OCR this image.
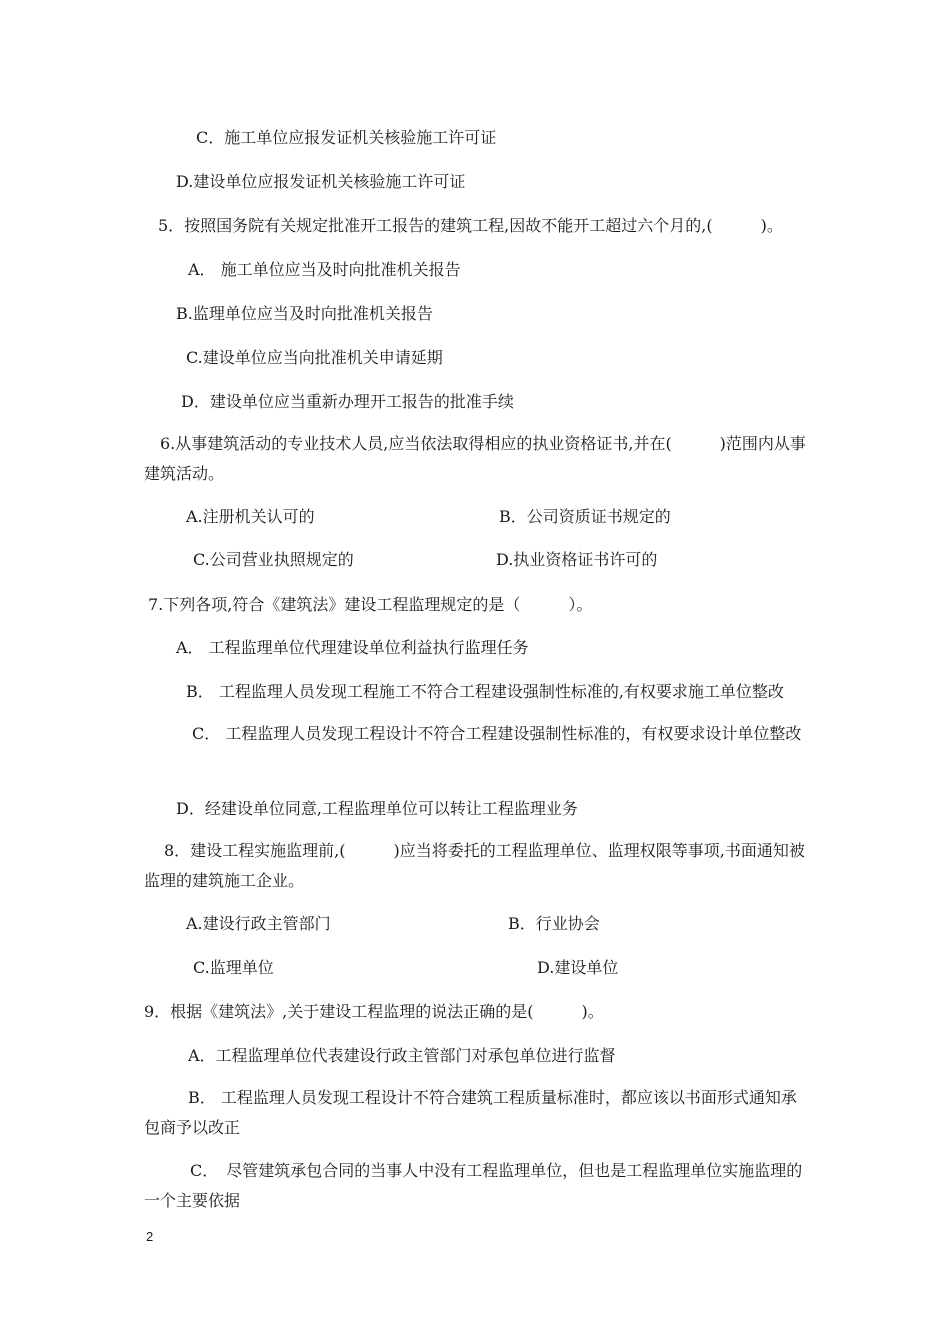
C．施工单位应报发证机关核验施工许可证
D.建设单位应报发证机关核验施工许可证
5．按照国务院有关规定批准开工报告的建筑工程,因故不能开工超过六个月的,(　　　)。
A． 施工单位应当及时向批准机关报告
B.监理单位应当及时向批准机关报告
C.建设单位应当向批准机关申请延期
D．建设单位应当重新办理开工报告的批准手续
6.从事建筑活动的专业技术人员,应当依法取得相应的执业资格证书,并在(　　　)范围内从事建筑活动。
A.注册机关认可的	B．公司资质证书规定的
C.公司营业执照规定的	D.执业资格证书许可的
7.下列各项,符合《建筑法》建设工程监理规定的是（　　　）。
A． 工程监理单位代理建设单位利益执行监理任务
B． 工程监理人员发现工程施工不符合工程建设强制性标准的,有权要求施工单位整改
C． 工程监理人员发现工程设计不符合工程建设强制性标准的，有权要求设计单位整改
D．经建设单位同意,工程监理单位可以转让工程监理业务
8．建设工程实施监理前,(　　　)应当将委托的工程监理单位、监理权限等事项,书面通知被监理的建筑施工企业。
A.建设行政主管部门	B．行业协会
C.监理单位	D.建设单位
9．根据《建筑法》,关于建设工程监理的说法正确的是(　　　)。
A．工程监理单位代表建设行政主管部门对承包单位进行监督
B． 工程监理人员发现工程设计不符合建筑工程质量标准时，都应该以书面形式通知承包商予以改正
C．　尽管建筑承包合同的当事人中没有工程监理单位，但也是工程监理单位实施监理的一个主要依据
2
